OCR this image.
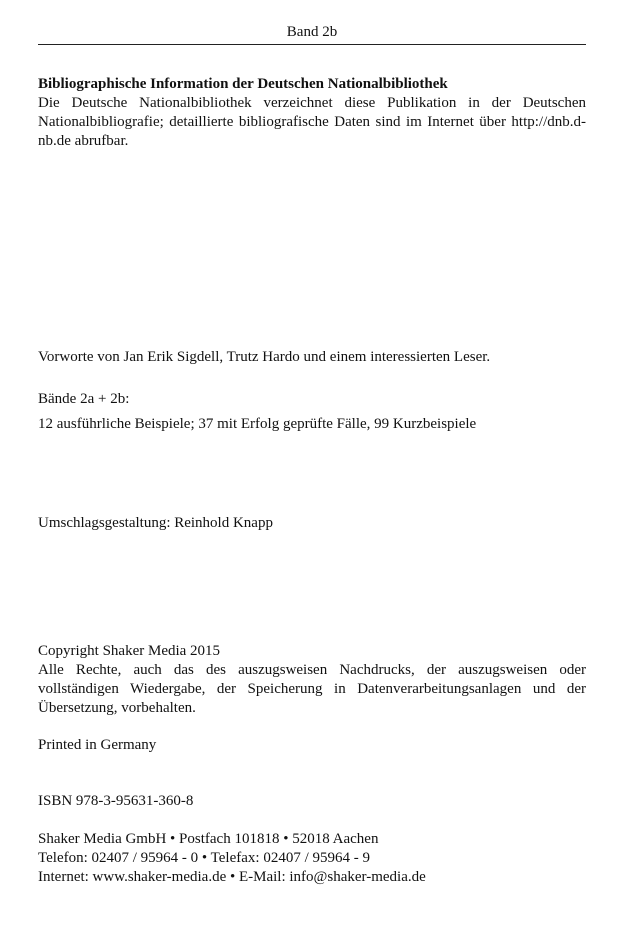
Band 2b
Bibliographische Information der Deutschen Nationalbibliothek
Die Deutsche Nationalbibliothek verzeichnet diese Publikation in der Deutschen Nationalbibliografie; detaillierte bibliografische Daten sind im Internet über http://dnb.d-nb.de abrufbar.
Vorworte von Jan Erik Sigdell, Trutz Hardo und einem interessierten Leser.
Bände 2a + 2b:
12 ausführliche Beispiele; 37 mit Erfolg geprüfte Fälle, 99 Kurzbeispiele
Umschlagsgestaltung: Reinhold Knapp
Copyright Shaker Media 2015
Alle Rechte, auch das des auszugsweisen Nachdrucks, der auszugsweisen oder vollständigen Wiedergabe, der Speicherung in Datenverarbeitungsanlagen und der Übersetzung, vorbehalten.
Printed in Germany
ISBN 978-3-95631-360-8
Shaker Media GmbH • Postfach 101818 • 52018 Aachen
Telefon: 02407 / 95964 - 0 • Telefax: 02407 / 95964 - 9
Internet: www.shaker-media.de • E-Mail: info@shaker-media.de
